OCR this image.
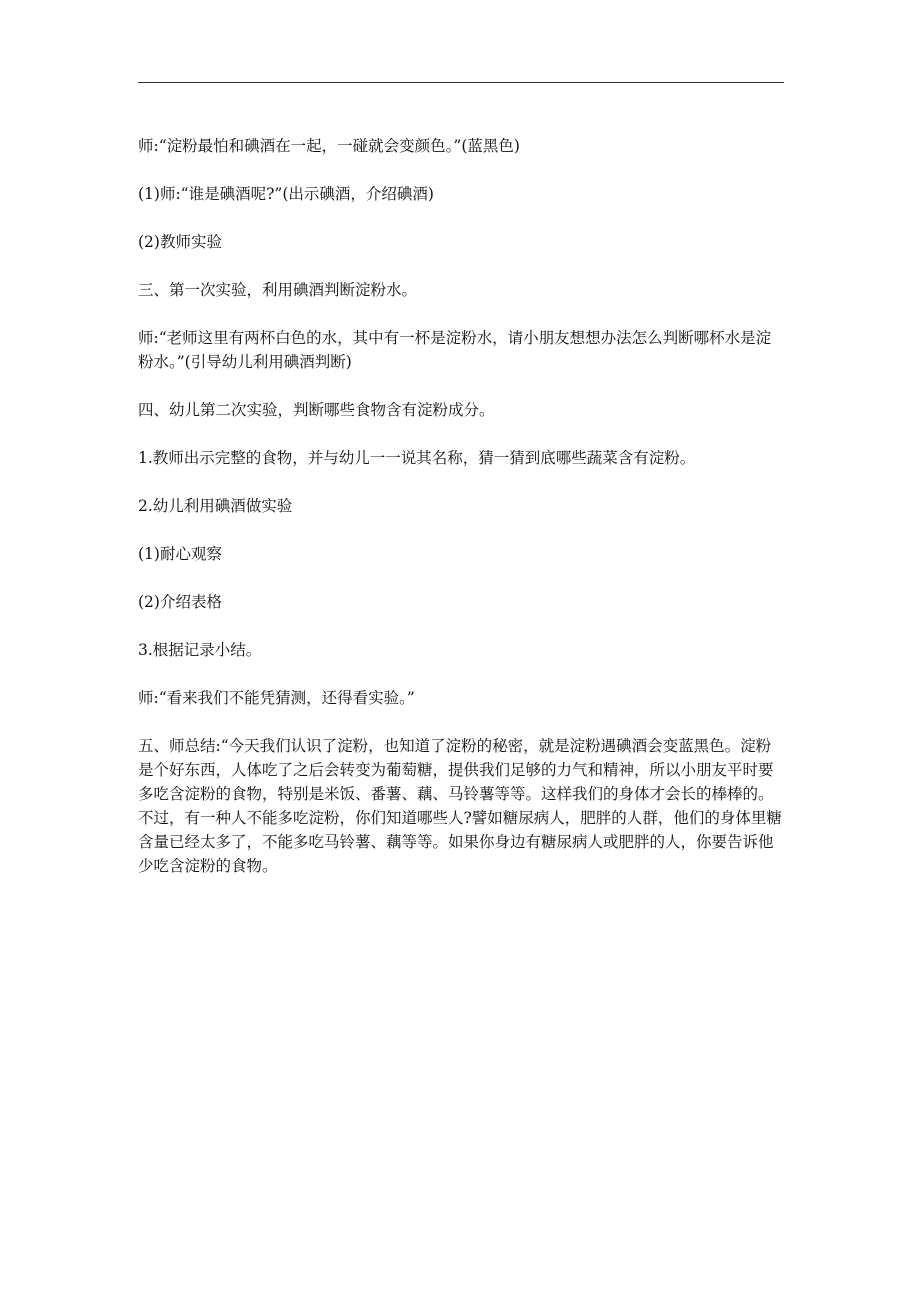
师:“淀粉最怕和碘酒在一起，一碰就会变颜色。”(蓝黑色)

(1)师:“谁是碘酒呢?”(出示碘酒，介绍碘酒)

(2)教师实验

三、第一次实验，利用碘酒判断淀粉水。

师:“老师这里有两杯白色的水，其中有一杯是淀粉水，请小朋友想想办法怎么判断哪杯水是淀粉水。”(引导幼儿利用碘酒判断)

四、幼儿第二次实验，判断哪些食物含有淀粉成分。

1.教师出示完整的食物，并与幼儿一一说其名称，猜一猜到底哪些蔬菜含有淀粉。

2.幼儿利用碘酒做实验

(1)耐心观察

(2)介绍表格

3.根据记录小结。

师:“看来我们不能凭猜测，还得看实验。”

五、师总结:“今天我们认识了淀粉，也知道了淀粉的秘密，就是淀粉遇碘酒会变蓝黑色。淀粉是个好东西，人体吃了之后会转变为葡萄糖，提供我们足够的力气和精神，所以小朋友平时要多吃含淀粉的食物，特别是米饭、番薯、藕、马铃薯等等。这样我们的身体才会长的棒棒的。不过，有一种人不能多吃淀粉，你们知道哪些人?譬如糖尿病人，肥胖的人群，他们的身体里糖含量已经太多了，不能多吃马铃薯、藕等等。如果你身边有糖尿病人或肥胖的人，你要告诉他少吃含淀粉的食物。
